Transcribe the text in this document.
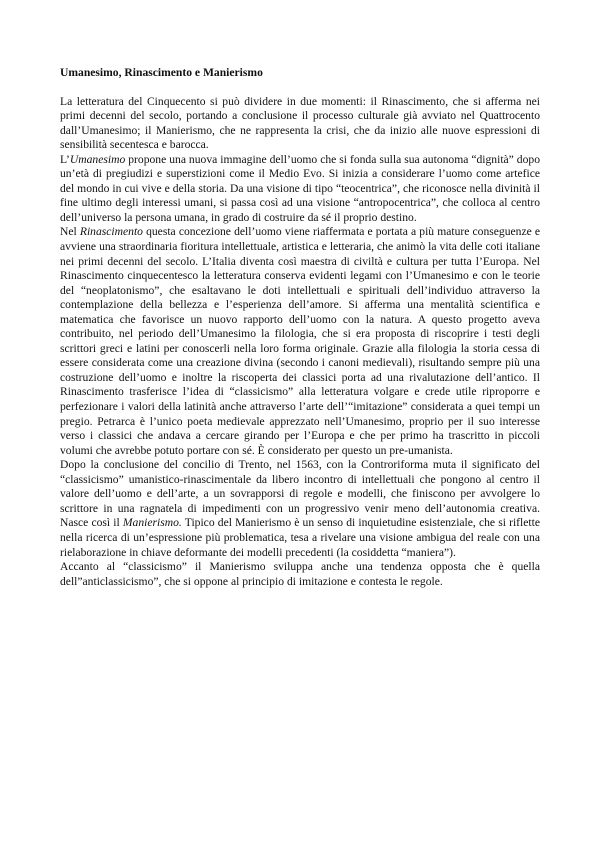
Umanesimo, Rinascimento e Manierismo

La letteratura del Cinquecento si può dividere in due momenti: il Rinascimento, che si afferma nei primi decenni del secolo, portando a conclusione il processo culturale già avviato nel Quattrocento dall’Umanesimo; il Manierismo, che ne rappresenta la crisi, che da inizio alle nuove espressioni di sensibilità secentesca e barocca.

L’Umanesimo propone una nuova immagine dell’uomo che si fonda sulla sua autonoma “dignità” dopo un’età di pregiudizi e superstizioni come il Medio Evo. Si inizia a considerare l’uomo come artefice del mondo in cui vive e della storia. Da una visione di tipo “teocentrica”, che riconosce nella divinità il fine ultimo degli interessi umani, si passa così ad una visione “antropocentrica”, che colloca al centro dell’universo la persona umana, in grado di costruire da sé il proprio destino.

Nel Rinascimento questa concezione dell’uomo viene riaffermata e portata a più mature conseguenze e avviene una straordinaria fioritura intellettuale, artistica e letteraria, che animò la vita delle coti italiane nei primi decenni del secolo. L’Italia diventa così maestra di civiltà e cultura per tutta l’Europa. Nel Rinascimento cinquecentesco la letteratura conserva evidenti legami con l’Umanesimo e con le teorie del “neoplatonismo”, che esaltavano le doti intellettuali e spirituali dell’individuo attraverso la contemplazione della bellezza e l’esperienza dell’amore. Si afferma una mentalità scientifica e matematica che favorisce un nuovo rapporto dell’uomo con la natura. A questo progetto aveva contribuito, nel periodo dell’Umanesimo la filologia, che si era proposta di riscoprire i testi degli scrittori greci e latini per conoscerli nella loro forma originale. Grazie alla filologia la storia cessa di essere considerata come una creazione divina (secondo i canoni medievali), risultando sempre più una costruzione dell’uomo e inoltre la riscoperta dei classici porta ad una rivalutazione dell’antico. Il Rinascimento trasferisce l’idea di “classicismo” alla letteratura volgare e crede utile riproporre e perfezionare i valori della latinità anche attraverso l’arte dell’“imitazione” considerata a quei tempi un pregio. Petrarca è l’unico poeta medievale apprezzato nell’Umanesimo, proprio per il suo interesse verso i classici che andava a cercare girando per l’Europa e che per primo ha trascritto in piccoli volumi che avrebbe potuto portare con sé. È considerato per questo un pre-umanista.

Dopo la conclusione del concilio di Trento, nel 1563, con la Controriforma muta il significato del “classicismo” umanistico-rinascimentale da libero incontro di intellettuali che pongono al centro il valore dell’uomo e dell’arte, a un sovrapporsi di regole e modelli, che finiscono per avvolgere lo scrittore in una ragnatela di impedimenti con un progressivo venir meno dell’autonomia creativa. Nasce così il Manierismo. Tipico del Manierismo è un senso di inquietudine esistenziale, che si riflette nella ricerca di un’espressione più problematica, tesa a rivelare una visione ambigua del reale con una rielaborazione in chiave deformante dei modelli precedenti (la cosiddetta “maniera”).

Accanto al “classicismo” il Manierismo sviluppa anche una tendenza opposta che è quella dell”anticlassicismo”, che si oppone al principio di imitazione e contesta le regole.
